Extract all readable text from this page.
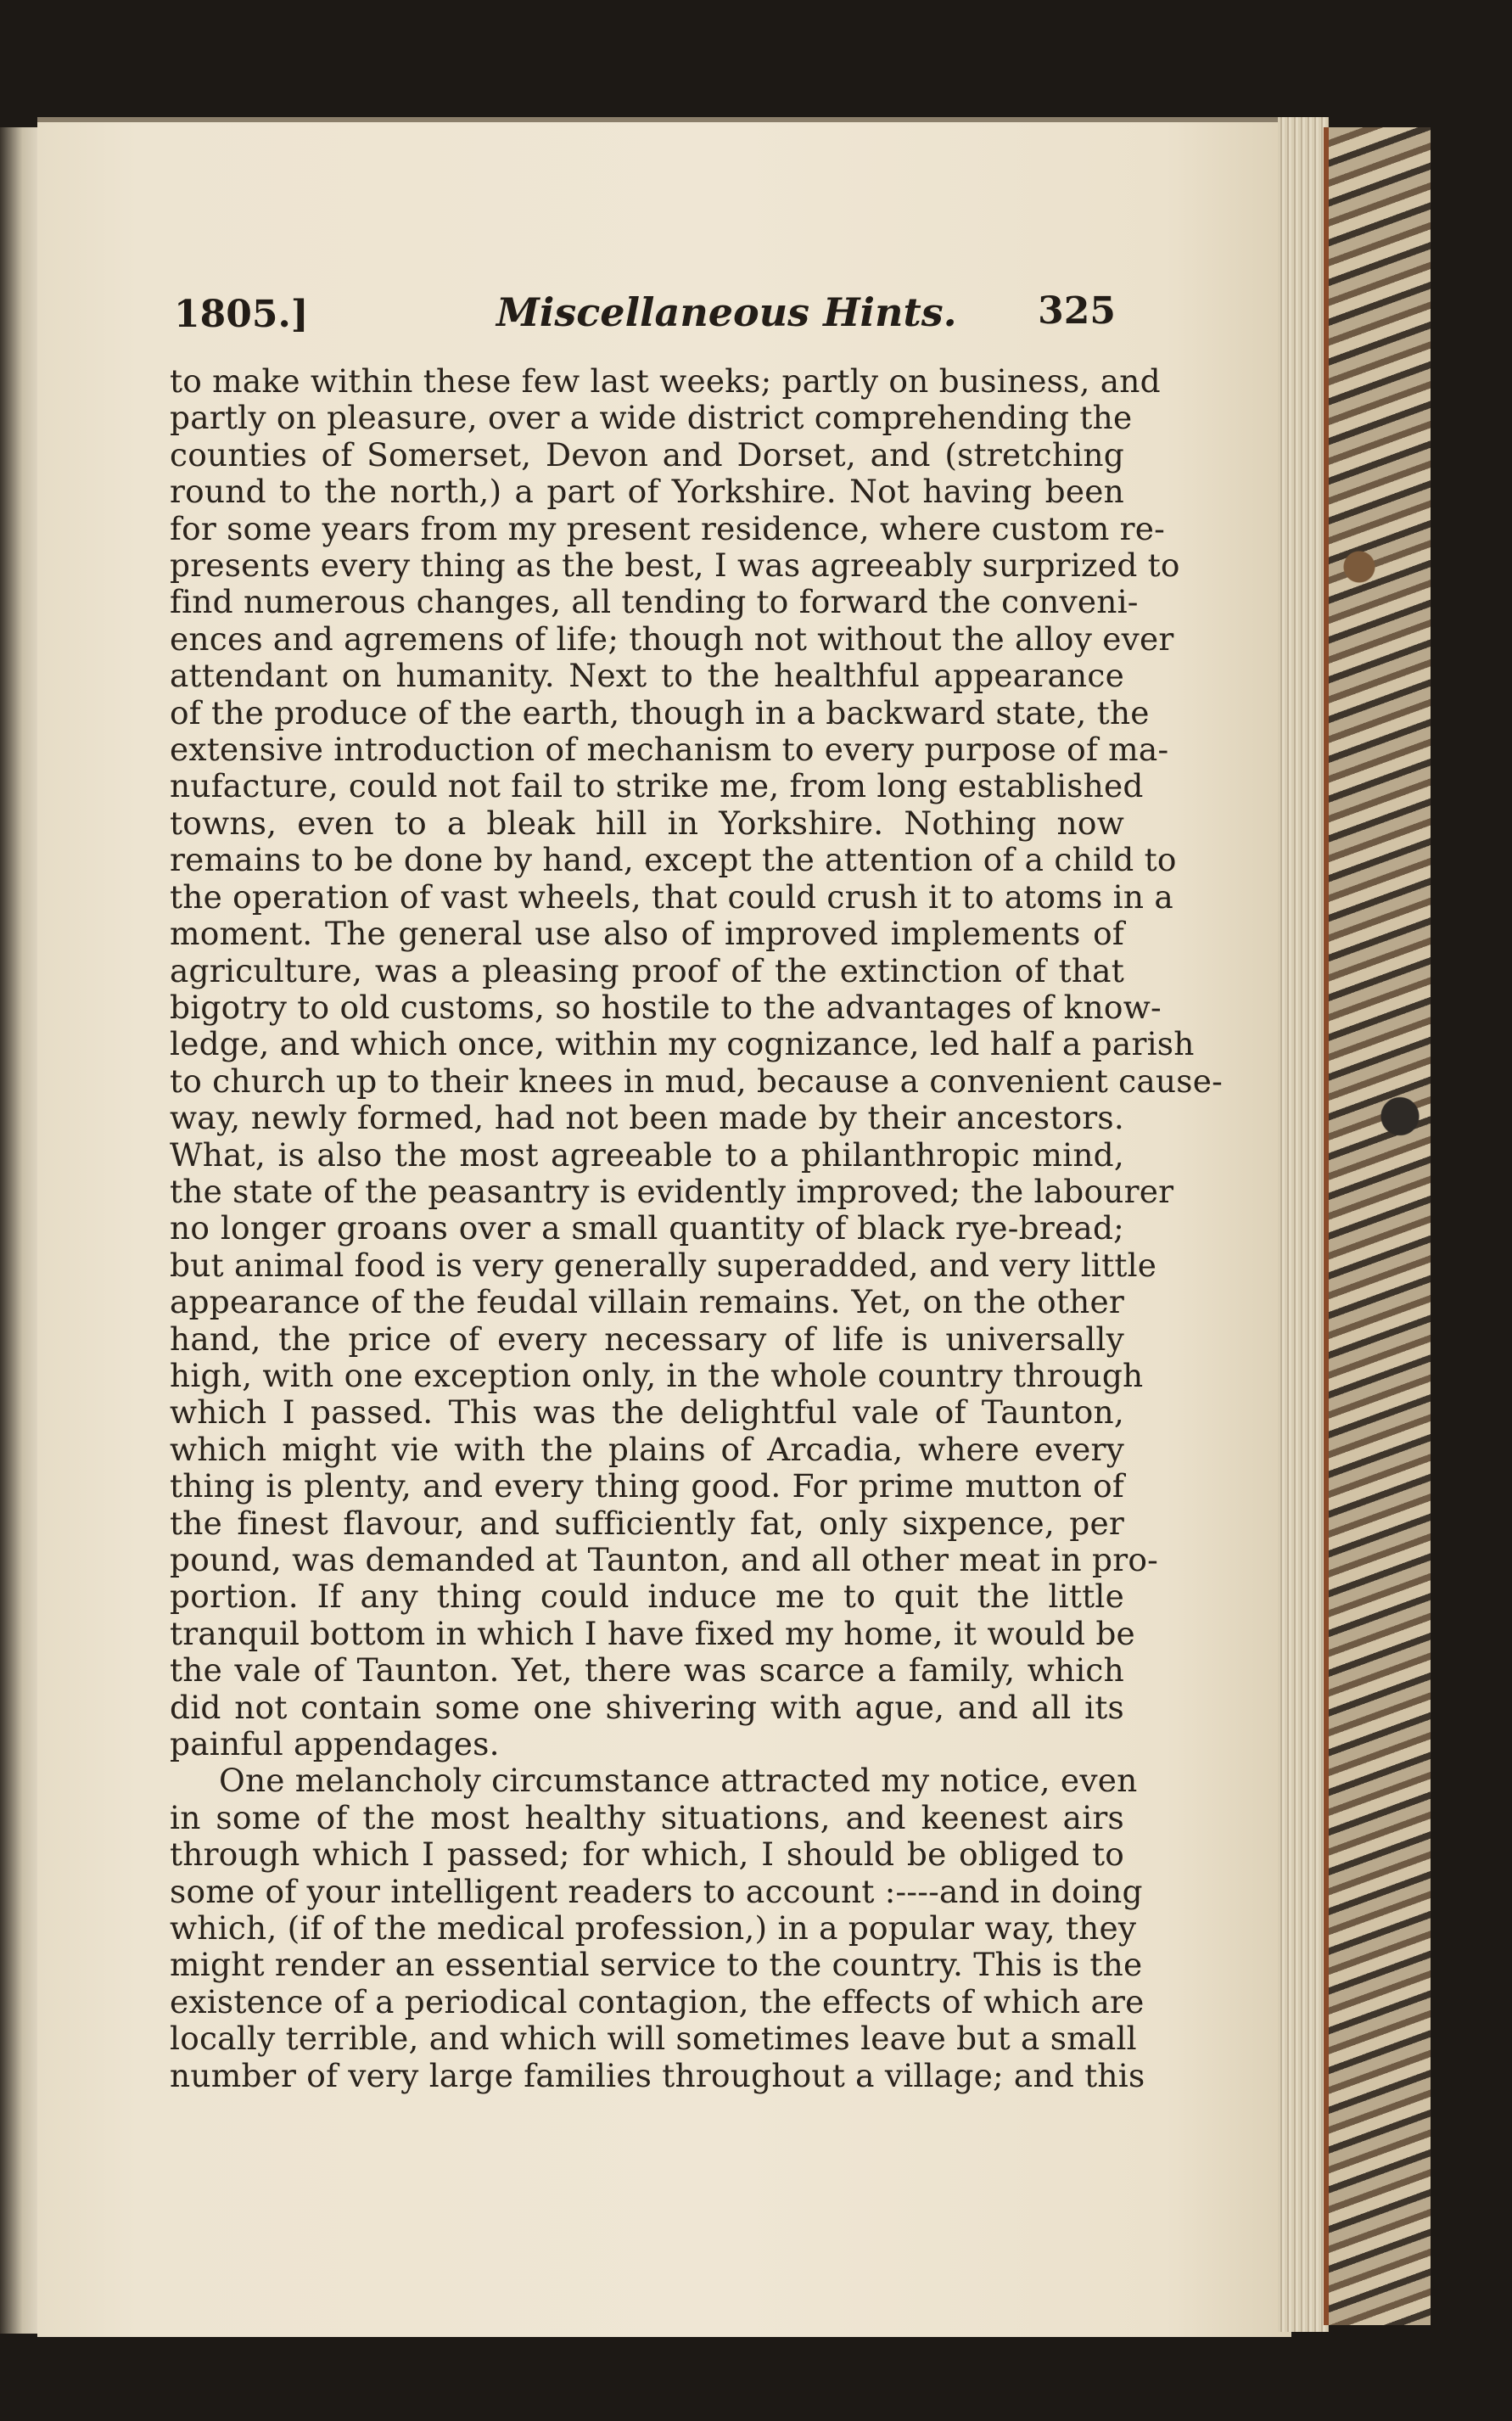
1805.]	Miscellaneous Hints. 325
to make within these few last weeks; partly on business, and
partly on pleasure, over a wide district comprehending the
counties of Somerset, Devon and Dorset, and (stretching
round to the north,) a part of Yorkshire. Not having been
for some years from my present residence, where custom re-
presents every thing as the best, I was agreeably surprized to
find numerous changes, all tending to forward the conveni-
ences and agremens of life; though not without the alloy ever
attendant on humanity. Next to the healthful appearance
of the produce of the earth, though in a backward state, the
extensive introduction of mechanism to every purpose of ma-
nufacture, could not fail to strike me, from long established
towns, even to a bleak hill in Yorkshire. Nothing now
remains to be done by hand, except the attention of a child to
the operation of vast wheels, that could crush it to atoms in a
moment. The general use also of improved implements of
agriculture, was a pleasing proof of the extinction of that
bigotry to old customs, so hostile to the advantages of know-
ledge, and which once, within my cognizance, led half a parish
to church up to their knees in mud, because a convenient cause-
way, newly formed, had not been made by their ancestors.
What, is also the most agreeable to a philanthropic mind,
the state of the peasantry is evidently improved; the labourer
no longer groans over a small quantity of black rye-bread;
but animal food is very generally superadded, and very little
appearance of the feudal villain remains. Yet, on the other
hand, the price of every necessary of life is universally
high, with one exception only, in the whole country through
which I passed. This was the delightful vale of Taunton,
which might vie with the plains of Arcadia, where every
thing is plenty, and every thing good. For prime mutton of
the finest flavour, and sufficiently fat, only sixpence, per
pound, was demanded at Taunton, and all other meat in pro-
portion. If any thing could induce me to quit the little
tranquil bottom in which I have fixed my home, it would be
the vale of Taunton. Yet, there was scarce a family, which
did not contain some one shivering with ague, and all its
painful appendages.
One melancholy circumstance attracted my notice, even
in some of the most healthy situations, and keenest airs
through which I passed; for which, I should be obliged to
some of your intelligent readers to account :----and in doing
which, (if of the medical profession,) in a popular way, they
might render an essential service to the country. This is the
existence of a periodical contagion, the effects of which are
locally terrible, and which will sometimes leave but a small
number of very large families throughout a village; and this
